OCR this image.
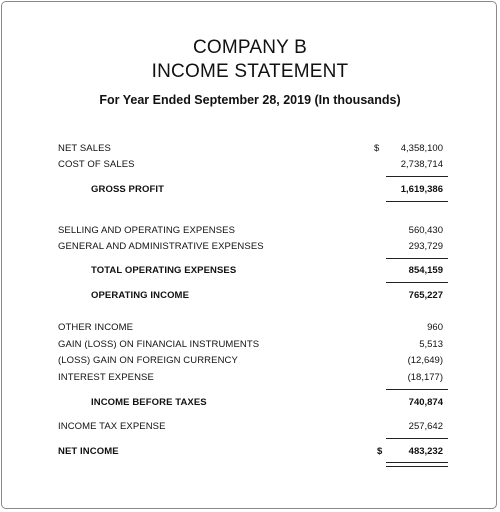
COMPANY B
INCOME STATEMENT
For Year Ended September 28, 2019 (In thousands)
NET SALES	$ 4,358,100
COST OF SALES	2,738,714
GROSS PROFIT	1,619,386
SELLING AND OPERATING EXPENSES	560,430
GENERAL AND ADMINISTRATIVE EXPENSES	293,729
TOTAL OPERATING EXPENSES	854,159
OPERATING INCOME	765,227
OTHER INCOME	960
GAIN (LOSS) ON FINANCIAL INSTRUMENTS	5,513
(LOSS) GAIN ON FOREIGN CURRENCY	(12,649)
INTEREST EXPENSE	(18,177)
INCOME BEFORE TAXES	740,874
INCOME TAX EXPENSE	257,642
NET INCOME	$	483,232
